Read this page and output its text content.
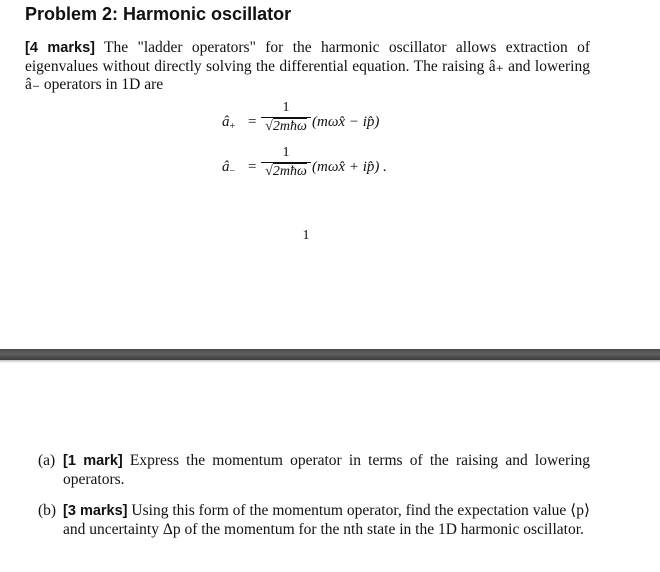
Problem 2: Harmonic oscillator

[4 marks] The "ladder operators" for the harmonic oscillator allows extraction of eigenvalues without directly solving the differential equation. The raising â₊ and lowering â₋ operators in 1D are

$â_+$ =
1
√2mħω (mωx̂ − ip̂)
$â_-$ =
1
√2mħω (mωx̂ + ip̂) .
1

(a) [1 mark] Express the momentum operator in terms of the raising and lowering operators.

(b) [3 marks] Using this form of the momentum operator, find the expectation value ⟨p⟩ and uncertainty Δp of the momentum for the nth state in the 1D harmonic oscillator.
